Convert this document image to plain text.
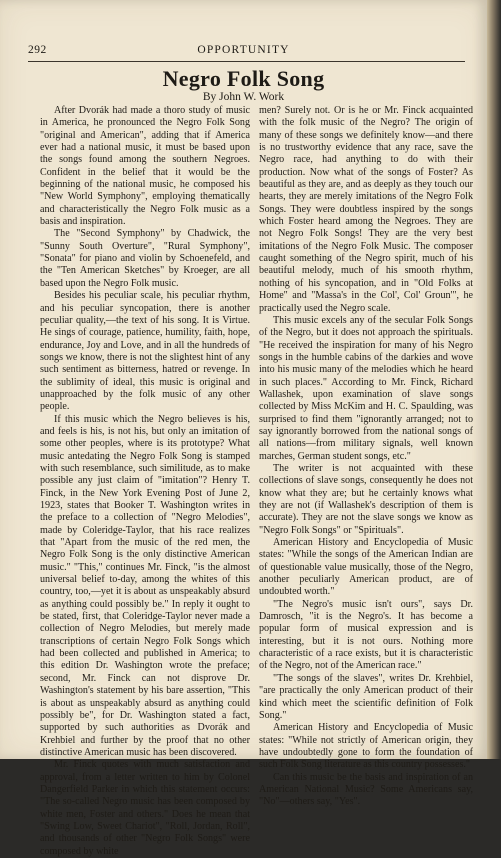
292	OPPORTUNITY
Negro Folk Song
By John W. Work

After Dvorák had made a thoro study of music in America, he pronounced the Negro Folk Song "original and American", adding that if America ever had a national music, it must be based upon the songs found among the southern Negroes. Confident in the belief that it would be the beginning of the national music, he composed his "New World Symphony", employing thematically and characteristically the Negro Folk music as a basis and inspiration.

The "Second Symphony" by Chadwick, the "Sunny South Overture", "Rural Symphony", "Sonata" for piano and violin by Schoenefeld, and the "Ten American Sketches" by Kroeger, are all based upon the Negro Folk music.

Besides his peculiar scale, his peculiar rhythm, and his peculiar syncopation, there is another peculiar quality,—the text of his song. It is Virtue. He sings of courage, patience, humility, faith, hope, endurance, Joy and Love, and in all the hundreds of songs we know, there is not the slightest hint of any such sentiment as bitterness, hatred or revenge. In the sublimity of ideal, this music is original and unapproached by the folk music of any other people.

If this music which the Negro believes is his, and feels is his, is not his, but only an imitation of some other peoples, where is its prototype? What music antedating the Negro Folk Song is stamped with such resemblance, such similitude, as to make possible any just claim of "imitation"? Henry T. Finck, in the New York Evening Post of June 2, 1923, states that Booker T. Washington writes in the preface to a collection of "Negro Melodies", made by Coleridge-Taylor, that his race realizes that "Apart from the music of the red men, the Negro Folk Song is the only distinctive American music." "This," continues Mr. Finck, "is the almost universal belief to-day, among the whites of this country, too,—yet it is about as unspeakably absurd as anything could possibly be." In reply it ought to be stated, first, that Coleridge-Taylor never made a collection of Negro Melodies, but merely made transcriptions of certain Negro Folk Songs which had been collected and published in America; to this edition Dr. Washington wrote the preface; second, Mr. Finck can not disprove Dr. Washington's statement by his bare assertion, "This is about as unspeakably absurd as anything could possibly be", for Dr. Washington stated a fact, supported by such authorities as Dvorák and Krehbiel and further by the proof that no other distinctive American music has been discovered.

Mr. Finck quotes with much satisfaction and approval, from a letter written to him by Colonel Dangerfield Parker in which this statement occurs: "The so-called Negro music has been composed by white men, Foster and others." Does he mean that "Swing Low, Sweet Chariot", "Roll, Jordan, Roll", and thousands of other "Negro Folk Songs" were composed by white

men? Surely not. Or is he or Mr. Finck acquainted with the folk music of the Negro? The origin of many of these songs we definitely know—and there is no trustworthy evidence that any race, save the Negro race, had anything to do with their production. Now what of the songs of Foster? As beautiful as they are, and as deeply as they touch our hearts, they are merely imitations of the Negro Folk Songs. They were doubtless inspired by the songs which Foster heard among the Negroes. They are not Negro Folk Songs! They are the very best imitations of the Negro Folk Music. The composer caught something of the Negro spirit, much of his beautiful melody, much of his smooth rhythm, nothing of his syncopation, and in "Old Folks at Home" and "Massa's in the Col', Col' Groun'", he practically used the Negro scale.

This music excels any of the secular Folk Songs of the Negro, but it does not approach the spirituals. "He received the inspiration for many of his Negro songs in the humble cabins of the darkies and wove into his music many of the melodies which he heard in such places." According to Mr. Finck, Richard Wallashek, upon examination of slave songs collected by Miss McKim and H. C. Spaulding, was surprised to find them "ignorantly arranged; not to say ignorantly borrowed from the national songs of all nations—from military signals, well known marches, German student songs, etc."

The writer is not acquainted with these collections of slave songs, consequently he does not know what they are; but he certainly knows what they are not (if Wallashek's description of them is accurate). They are not the slave songs we know as "Negro Folk Songs" or "Spirituals".

American History and Encyclopedia of Music states: "While the songs of the American Indian are of questionable value musically, those of the Negro, another peculiarly American product, are of undoubted worth."

"The Negro's music isn't ours", says Dr. Damrosch, "it is the Negro's. It has become a popular form of musical expression and is interesting, but it is not ours. Nothing more characteristic of a race exists, but it is characteristic of the Negro, not of the American race."

"The songs of the slaves", writes Dr. Krehbiel, "are practically the only American product of their kind which meet the scientific definition of Folk Song."

American History and Encyclopedia of Music states: "While not strictly of American origin, they have undoubtedly gone to form the foundation of such Folk Song literature as this country possesses."

Can this music be the basis and inspiration of an American National Music? Some Americans say, "No"—others say, "Yes".
